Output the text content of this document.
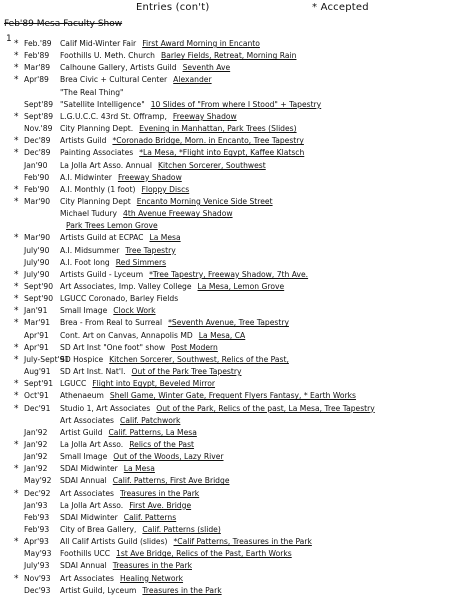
Entries (con't)	* Accepted
Feb'89 Mesa Faculty Show
1 * Feb.'89 Calif Mid-Winter Fair First Award Morning in Encanto
* Feb'89 Foothills U. Meth. Church Barley Fields, Retreat, Morning Rain
* Mar'89 Calhoune Gallery, Artists Guild Seventh Ave
* Apr'89 Brea Civic + Cultural Center Alexander
"The Real Thing"
Sept'89 "Satellite Intelligence" 10 Slides of "From where I Stood" + Tapestry
* Sept'89 L.G.U.C.C. 43rd St. Offramp, Freeway Shadow
Nov.'89 City Planning Dept. Evening in Manhattan, Park Trees (Slides)
* Dec'89 Artists Guild *Coronado Bridge, Morn. in Encanto, Tree Tapestry
* Dec'89 Painting Associates *La Mesa, *Flight into Egypt, Kaffee Klatsch
Jan'90 La Jolla Art Asso. Annual Kitchen Sorcerer, Southwest
Feb'90 A.I. Midwinter Freeway Shadow
* Feb'90 A.I. Monthly (1 foot) Floppy Discs
* Mar'90 City Planning Dept Encanto Morning Venice Side Street
Michael Tudury 4th Avenue Freeway Shadow
Park Trees Lemon Grove
* Mar'90 Artists Guild at ECPAC La Mesa
July'90 A.I. Midsummer Tree Tapestry
July'90 A.I. Foot long Red Simmers
* July'90 Artists Guild - Lyceum *Tree Tapestry, Freeway Shadow, 7th Ave.
* Sept'90 Art Associates, Imp. Valley College La Mesa, Lemon Grove
* Sept'90 LGUCC Coronado, Barley Fields
* Jan'91 Small Image Clock Work
* Mar'91 Brea - From Real to Surreal *Seventh Avenue, Tree Tapestry
Apr'91 Cont. Art on Canvas, Annapolis MD La Mesa, CA
* Apr'91 SD Art Inst "One foot" show Post Modern
* July-Sept'91SD Hospice Kitchen Sorcerer, Southwest, Relics of the Past,
Aug'91 SD Art Inst. Nat'l. Out of the Park Tree Tapestry
* Sept'91 LGUCC Flight into Egypt, Beveled Mirror
* Oct'91 Athenaeum Shell Game, Winter Gate, Frequent Flyers Fantasy, * Earth Works
* Dec'91 Studio 1, Art Associates Out of the Park, Relics of the past, La Mesa, Tree Tapestry
Art Associates Calif. Patchwork
Jan'92 Artist Guild Calif. Patterns, La Mesa
* Jan'92 La Jolla Art Asso. Relics of the Past
Jan'92 Small Image Out of the Woods, Lazy River
* Jan'92 SDAI Midwinter La Mesa
May'92 SDAI Annual Calif. Patterns, First Ave Bridge
* Dec'92 Art Associates Treasures in the Park
Jan'93 La Jolla Art Asso. First Ave. Bridge
Feb'93 SDAI Midwinter Calif. Patterns
Feb'93 City of Brea Gallery, Calif. Patterns (slide)
* Apr'93 All Calif Artists Guild (slides) *Calif Patterns, Treasures in the Park
May'93 Foothills UCC 1st Ave Bridge, Relics of the Past, Earth Works
July'93 SDAI Annual Treasures in the Park
* Nov'93 Art Associates Healing Network
Dec'93 Artist Guild, Lyceum Treasures in the Park
